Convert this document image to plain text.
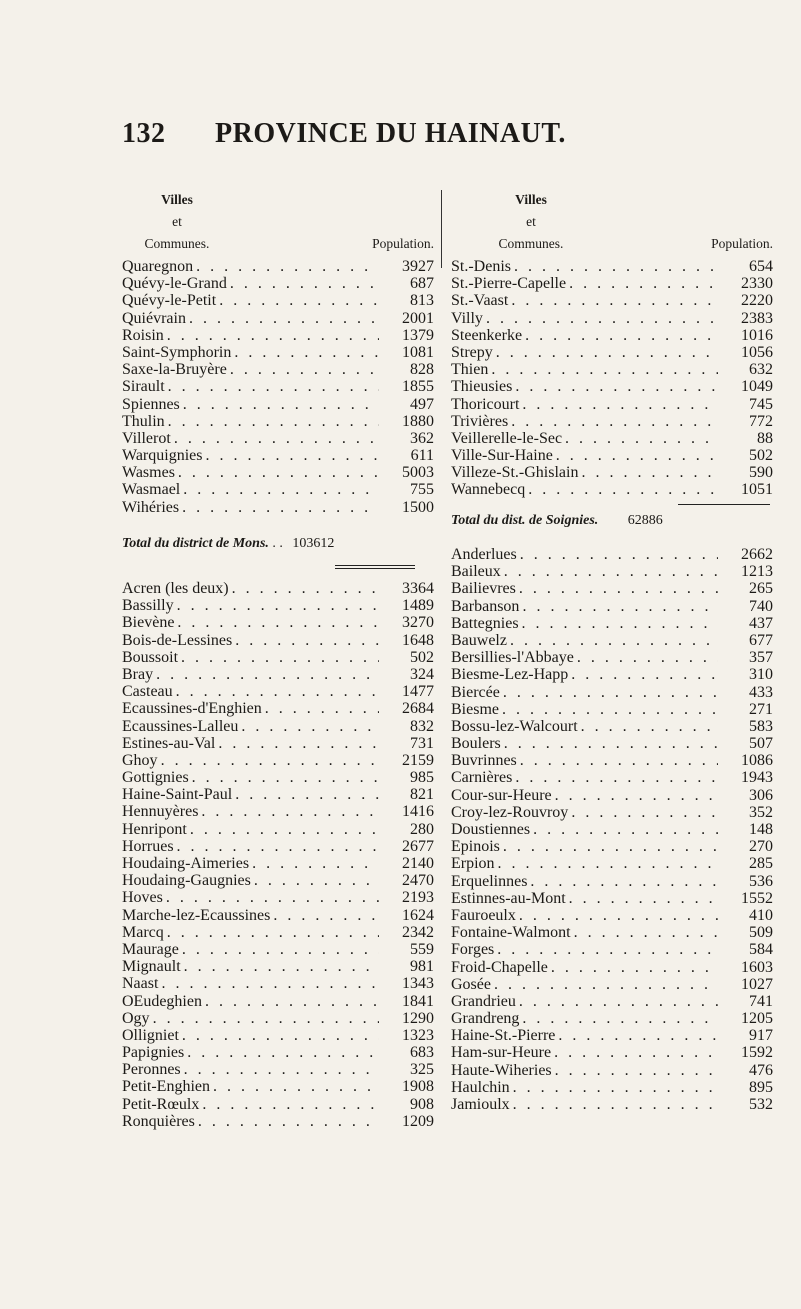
132 PROVINCE DU HAINAUT.
Villes
et
Communes.	Population.
Quaregnon . . .	3927
Quévy-le-Grand . . .	687
Quévy-le-Petit . . .	813
Quiévrain . . .	2001
Roisin . . .	1379
Saint-Symphorin . . .	1081
Saxe-la-Bruyère . . .	828
Sirault . . .	1855
Spiennes . . .	497
Thulin . . .	1880
Villerot . . .	362
Warquignies . . .	611
Wasmes . . .	5003
Wasmael . . .	755
Wihéries . . .	1500
Total du district de Mons. . . 103612
Acren (les deux) . . .	3364
Bassilly . . .	1489
Bievène . . .	3270
Bois-de-Lessines . . .	1648
Boussoit . . .	502
Bray . . .	324
Casteau . . .	1477
Ecaussines-d'Enghien . . .	2684
Ecaussines-Lalleu . . .	832
Estines-au-Val . . .	731
Ghoy . . .	2159
Gottignies . . .	985
Haine-Saint-Paul . . .	821
Hennuyères . . .	1416
Henripont . . .	280
Horrues . . .	2677
Houdaing-Aimeries . . .	2140
Houdaing-Gaugnies . . .	2470
Hoves . . .	2193
Marche-lez-Ecaussines . . .	1624
Marcq . . .	2342
Maurage . . .	559
Mignault . . .	981
Naast . . .	1343
OEudeghien . . .	1841
Ogy . . .	1290
Olligniet . . .	1323
Papignies . . .	683
Peronnes . . .	325
Petit-Enghien . . .	1908
Petit-Rœulx . . .	908
Ronquières . . .	1209
Villes
et
Communes.	Population.
St.-Denis . . .	654
St.-Pierre-Capelle . . .	2330
St.-Vaast . . .	2220
Villy . . .	2383
Steenkerke . . .	1016
Strepy . . .	1056
Thien . . .	632
Thieusies . . .	1049
Thoricourt . . .	745
Trivières . . .	772
Veillerelle-le-Sec . . .	88
Ville-Sur-Haine . . .	502
Villeze-St.-Ghislain . . .	590
Wannebecq . . .	1051
Total du dist. de Soignies. 62886
Anderlues . . .	2662
Baileux . . .	1213
Bailievres . . .	265
Barbanson . . .	740
Battegnies . . .	437
Bauwelz . . .	677
Bersillies-l'Abbaye . . .	357
Biesme-Lez-Happ . . .	310
Biercée . . .	433
Biesme . . .	271
Bossu-lez-Walcourt . . .	583
Boulers . . .	507
Buvrinnes . . .	1086
Carnières . . .	1943
Cour-sur-Heure . . .	306
Croy-lez-Rouvroy . . .	352
Doustiennes . . .	148
Epinois . . .	270
Erpion . . .	285
Erquelinnes . . .	536
Estinnes-au-Mont . . .	1552
Fauroeulx . . .	410
Fontaine-Walmont . . .	509
Forges . . .	584
Froid-Chapelle . . .	1603
Gosée . . .	1027
Grandrieu . . .	741
Grandreng . . .	1205
Haine-St.-Pierre . . .	917
Ham-sur-Heure . . .	1592
Haute-Wiheries . . .	476
Haulchin . . .	895
Jamioulx . . .	532
